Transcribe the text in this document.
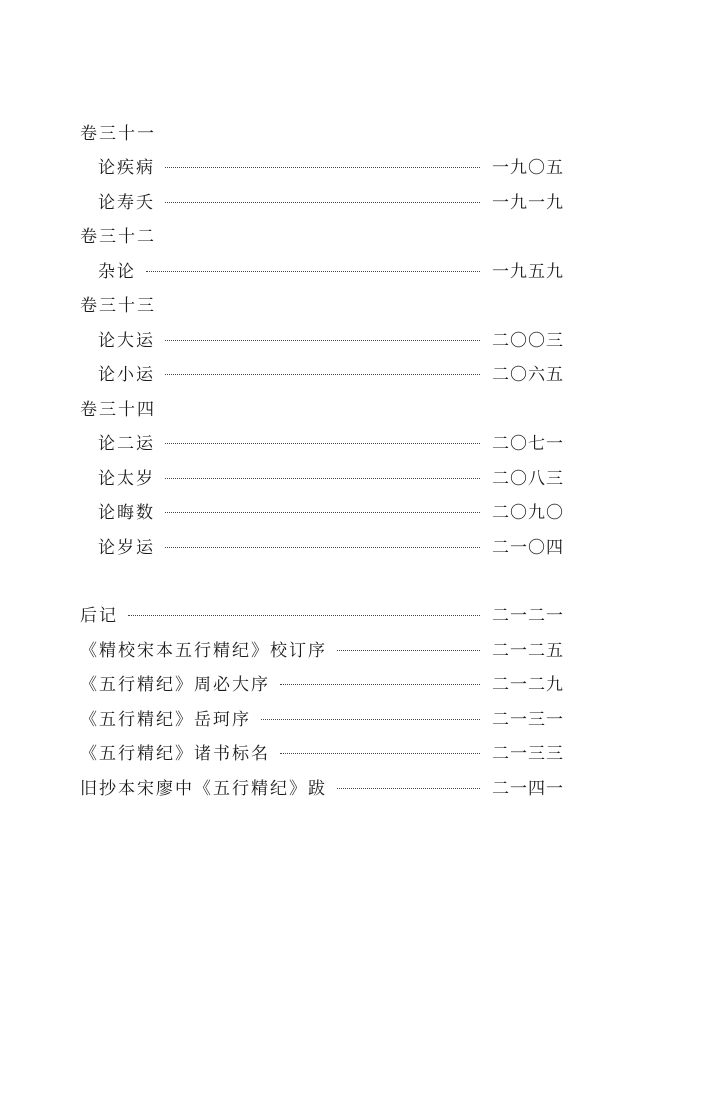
卷三十一
论疾病	一九〇五
论寿夭	一九一九
卷三十二
杂论	一九五九
卷三十三
论大运	二〇〇三
论小运	二〇六五
卷三十四
论二运	二〇七一
论太岁	二〇八三
论晦数	二〇九〇
论岁运	二一〇四
后记	二一二一
《精校宋本五行精纪》校订序	二一二五
《五行精纪》周必大序	二一二九
《五行精纪》岳珂序	二一三一
《五行精纪》诸书标名	二一三三
旧抄本宋廖中《五行精纪》跋	二一四一
